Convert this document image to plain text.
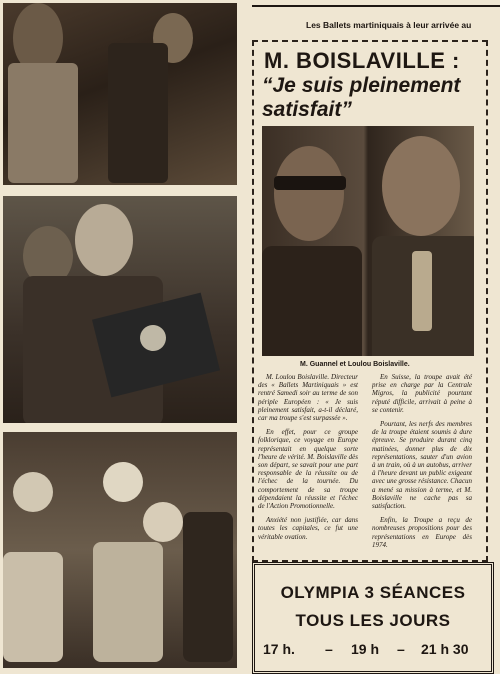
Les Ballets martiniquais à leur arrivée au
M. BOISLAVILLE :
“Je suis pleinement satisfait”
M. Guannel et Loulou Boislaville.

M. Loulou Boislaville. Directeur des « Ballets Martiniquais » est rentré Samedi soir au terme de son périple Européen : « Je suis pleinement satisfait, a-t-il déclaré, car ma troupe s'est surpassée ».

En effet, pour ce groupe folklorique, ce voyage en Europe représentait en quelque sorte l'heure de vérité. M. Boislaville dès son départ, se savait pour une part responsable de la réussite ou de l'échec de la tournée. Du comportement de sa troupe dépendaient la réussite et l'échec de l'Action Promotionnelle.

Anxiété non justifiée, car dans toutes les capitales, ce fut une véritable ovation.

En Suisse, la troupe avait été prise en charge par la Centrale Migros, la publicité pourtant réputé difficile, arrivait à peine à se contenir.

Pourtant, les nerfs des membres de la troupe étaient soumis à dure épreuve. Se produire durant cinq matinées, donner plus de dix représentations, sauter d'un avion à un train, où à un autobus, arriver à l'heure devant un public exigeant avec une grosse résistance. Chacun a mené sa mission à terme, et M. Boislaville ne cache pas sa satisfaction.

Enfin, la Troupe a reçu de nombreuses propositions pour des représentations en Europe dès 1974.

OLYMPIA 3 SÉANCES
TOUS LES JOURS
17 h. – 19 h – 21 h 30
